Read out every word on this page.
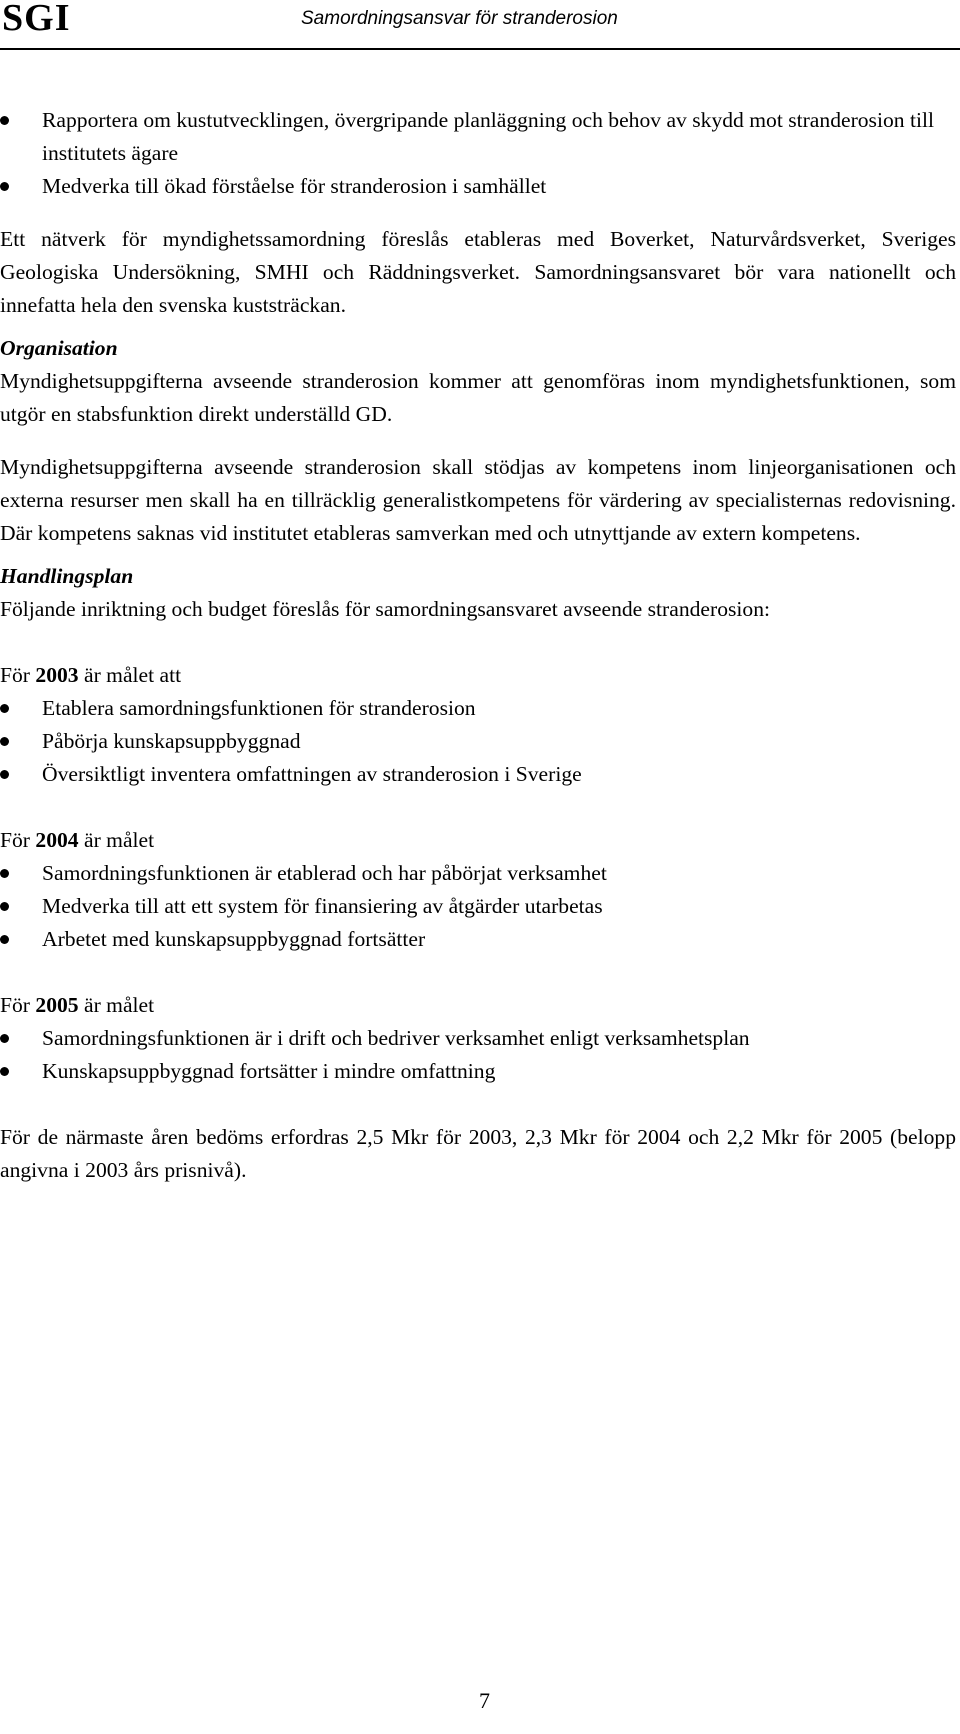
SGI	Samordningsansvar för stranderosion
Rapportera om kustutvecklingen, övergripande planläggning och behov av skydd mot stranderosion till institutets ägare
Medverka till ökad förståelse för stranderosion i samhället

Ett nätverk för myndighetssamordning föreslås etableras med Boverket, Naturvårdsverket, Sveriges Geologiska Undersökning, SMHI och Räddningsverket. Samordningsansvaret bör vara nationellt och innefatta hela den svenska kuststräckan.

Organisation

Myndighetsuppgifterna avseende stranderosion kommer att genomföras inom myndighetsfunktionen, som utgör en stabsfunktion direkt underställd GD.

Myndighetsuppgifterna avseende stranderosion skall stödjas av kompetens inom linjeorganisationen och externa resurser men skall ha en tillräcklig generalistkompetens för värdering av specialisternas redovisning. Där kompetens saknas vid institutet etableras samverkan med och utnyttjande av extern kompetens.

Handlingsplan

Följande inriktning och budget föreslås för samordningsansvaret avseende stranderosion:

För 2003 är målet att

Etablera samordningsfunktionen för stranderosion
Påbörja kunskapsuppbyggnad
Översiktligt inventera omfattningen av stranderosion i Sverige

För 2004 är målet

Samordningsfunktionen är etablerad och har påbörjat verksamhet
Medverka till att ett system för finansiering av åtgärder utarbetas
Arbetet med kunskapsuppbyggnad fortsätter

För 2005 är målet

Samordningsfunktionen är i drift och bedriver verksamhet enligt verksamhetsplan
Kunskapsuppbyggnad fortsätter i mindre omfattning

För de närmaste åren bedöms erfordras 2,5 Mkr för 2003, 2,3 Mkr för 2004 och 2,2 Mkr för 2005 (belopp angivna i 2003 års prisnivå).

7
